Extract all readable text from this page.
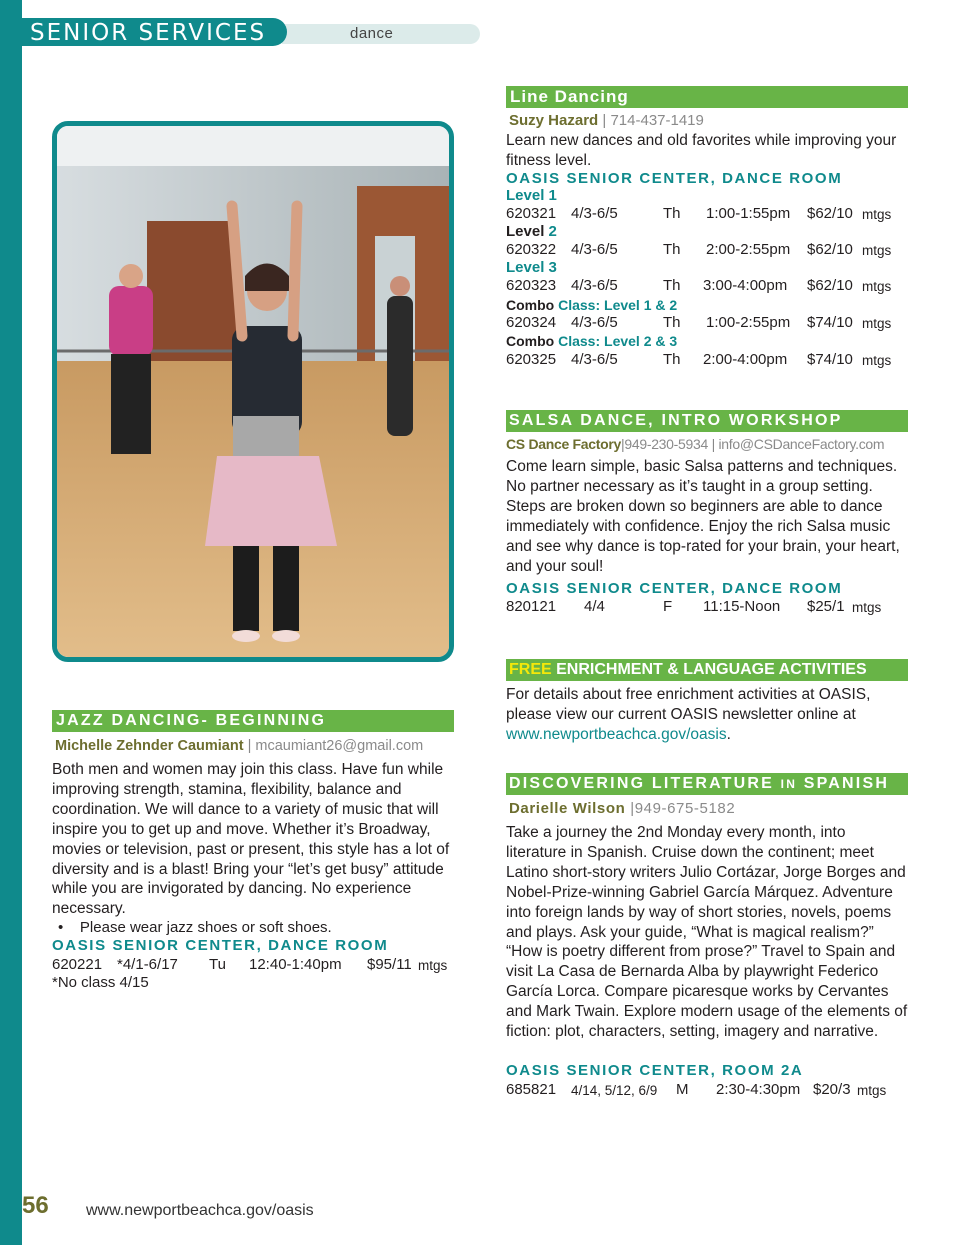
SENIOR SERVICES	dance
Line Dancing
Suzy Hazard | 714-437-1419
Learn new dances and old favorites while improving your fitness level.
OASIS SENIOR CENTER, DANCE ROOM
Level 1
620321 4/3-6/5	Th 1:00-1:55pm $62/10 mtgs
Level 2
620322 4/3-6/5	Th 2:00-2:55pm $62/10 mtgs
Level 3
620323 4/3-6/5	Th 3:00-4:00pm $62/10 mtgs
Combo Class: Level 1 & 2
620324 4/3-6/5	Th 1:00-2:55pm $74/10 mtgs
Combo Class: Level 2 & 3
620325 4/3-6/5	Th 2:00-4:00pm $74/10 mtgs
SALSA DANCE, INTRO WORKSHOP
CS Dance Factory|949-230-5934 | info@CSDanceFactory.com
Come learn simple, basic Salsa patterns and techniques. No partner necessary as it’s taught in a group setting. Steps are broken down so beginners are able to dance immediately with confidence. Enjoy the rich Salsa music and see why dance is top-rated for your brain, your heart, and your soul!
OASIS SENIOR CENTER, DANCE ROOM
820121 4/4	F 11:15-Noon $25/1 mtgs
FREE ENRICHMENT & LANGUAGE ACTIVITIES
For details about free enrichment activities at OASIS, please view our current OASIS newsletter online at www.newportbeachca.gov/oasis.
DISCOVERING LITERATURE IN SPANISH
Darielle Wilson |949-675-5182
Take a journey the 2nd Monday every month, into literature in Spanish. Cruise down the continent; meet Latino short-story writers Julio Cortázar, Jorge Borges and Nobel-Prize-winning Gabriel García Márquez. Adventure into foreign lands by way of short stories, novels, poems and plays. Ask your guide, “What is magical realism?” “How is poetry different from prose?” Travel to Spain and visit La Casa de Bernarda Alba by playwright Federico García Lorca. Compare picaresque works by Cervantes and Mark Twain. Explore modern usage of the elements of fiction: plot, characters, setting, imagery and narrative.
OASIS SENIOR CENTER, ROOM 2A
685821 4/14, 5/12, 6/9 M 2:30-4:30pm $20/3 mtgs
JAZZ DANCING- BEGINNING
Michelle Zehnder Caumiant | mcaumiant26@gmail.com
Both men and women may join this class. Have fun while improving strength, stamina, flexibility, balance and coordination. We will dance to a variety of music that will inspire you to get up and move. Whether it’s Broadway, movies or television, past or present, this style has a lot of diversity and is a blast! Bring your “let’s get busy” attitude while you are invigorated by dancing. No experience necessary.
•    Please wear jazz shoes or soft shoes.
OASIS SENIOR CENTER, DANCE ROOM
620221 *4/1-6/17 Tu 12:40-1:40pm $95/11 mtgs
*No class 4/15
56 www.newportbeachca.gov/oasis
